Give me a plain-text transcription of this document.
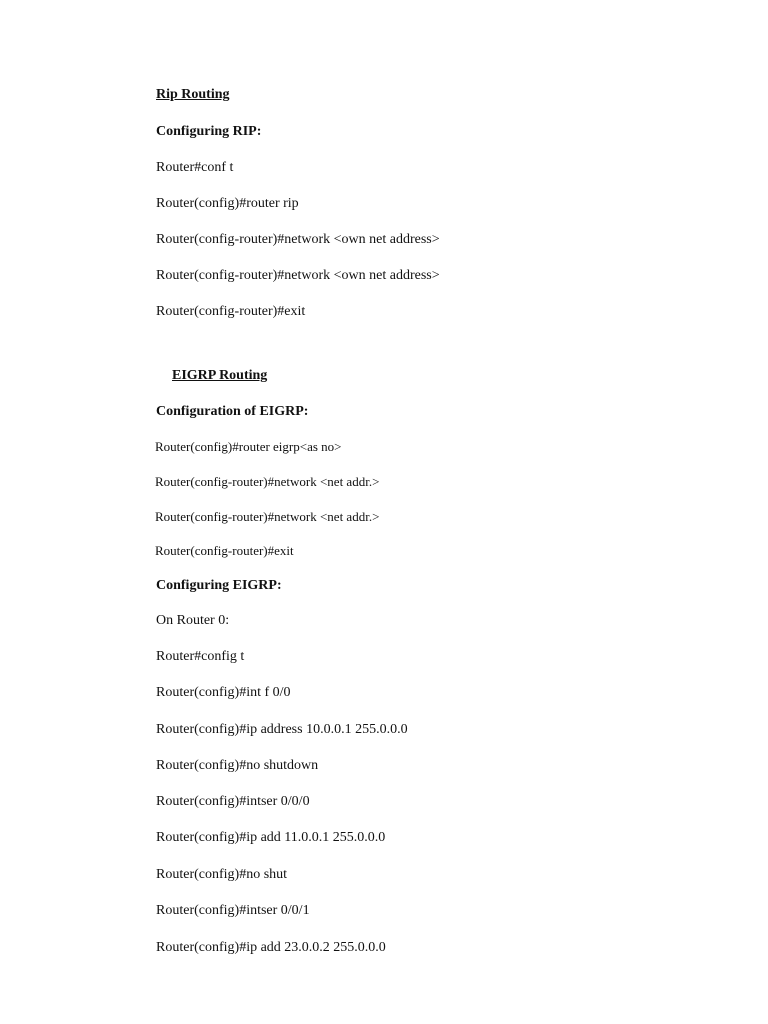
Rip Routing
Configuring RIP:
Router#conf t
Router(config)#router rip
Router(config-router)#network <own net address>
Router(config-router)#network <own net address>
Router(config-router)#exit
EIGRP Routing
Configuration of EIGRP:
Router(config)#router eigrp<as no>
Router(config-router)#network <net addr.>
Router(config-router)#network <net addr.>
Router(config-router)#exit
Configuring EIGRP:
On Router 0:
Router#config t
Router(config)#int f 0/0
Router(config)#ip address 10.0.0.1 255.0.0.0
Router(config)#no shutdown
Router(config)#intser 0/0/0
Router(config)#ip add 11.0.0.1 255.0.0.0
Router(config)#no shut
Router(config)#intser 0/0/1
Router(config)#ip add 23.0.0.2 255.0.0.0
